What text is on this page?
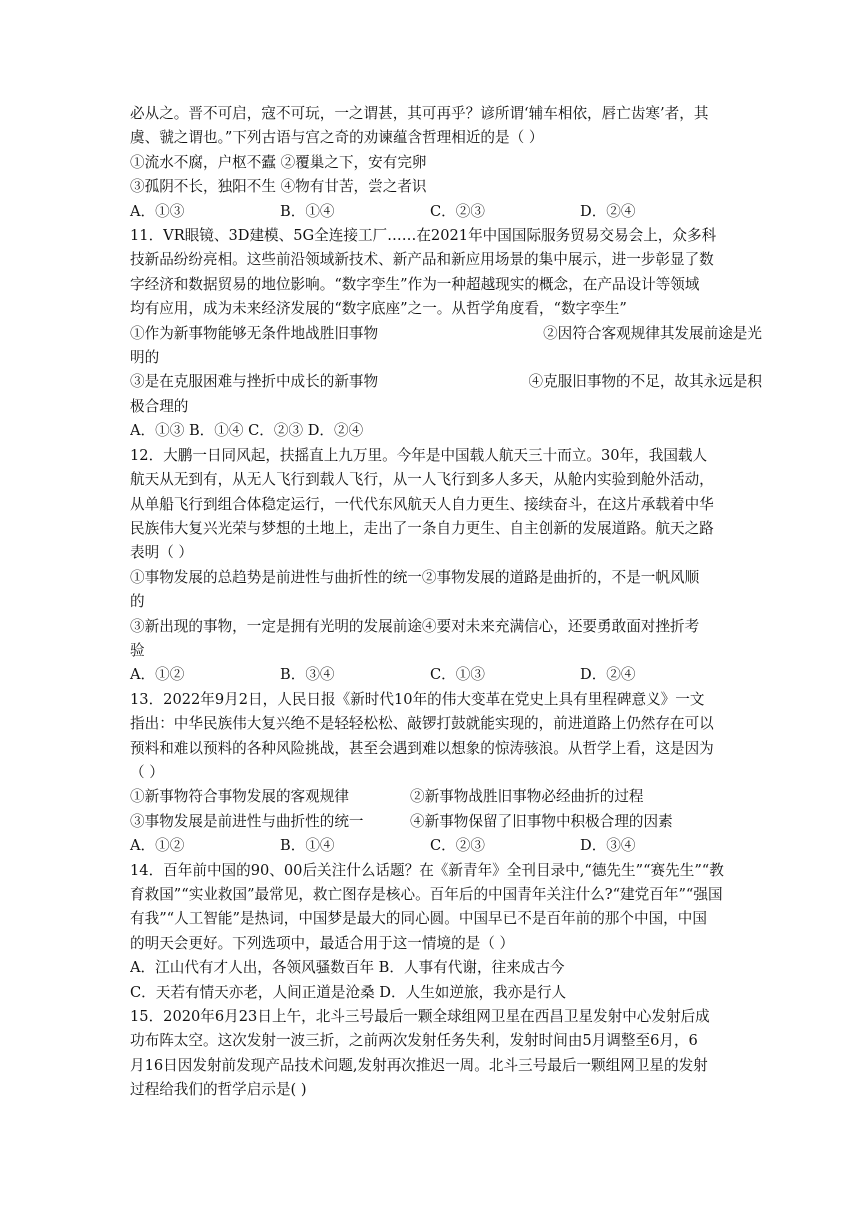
必从之。晋不可启，寇不可玩，一之谓甚，其可再乎？谚所谓‘辅车相依，唇亡齿寒’者，其
虞、虢之谓也。”下列古语与宫之奇的劝谏蕴含哲理相近的是（ ）
①流水不腐，户枢不蠹 ②覆巢之下，安有完卵
③孤阴不长，独阳不生 ④物有甘苦，尝之者识
A．①③	B．①④	C．②③	D．②④
11．VR眼镜、3D建模、5G全连接工厂……在2021年中国国际服务贸易交易会上，众多科
技新品纷纷亮相。这些前沿领域新技术、新产品和新应用场景的集中展示，进一步彰显了数
字经济和数据贸易的地位影响。“数字孪生”作为一种超越现实的概念，在产品设计等领域
均有应用，成为未来经济发展的“数字底座”之一。从哲学角度看，“数字孪生”
①作为新事物能够无条件地战胜旧事物	②因符合客观规律其发展前途是光
明的
③是在克服困难与挫折中成长的新事物	④克服旧事物的不足，故其永远是积
极合理的
A．①③ B．①④ C．②③ D．②④
12．大鹏一日同风起，扶摇直上九万里。今年是中国载人航天三十而立。30年，我国载人
航天从无到有，从无人飞行到载人飞行，从一人飞行到多人多天，从舱内实验到舱外活动，
从单船飞行到组合体稳定运行，一代代东风航天人自力更生、接续奋斗，在这片承载着中华
民族伟大复兴光荣与梦想的土地上，走出了一条自力更生、自主创新的发展道路。航天之路
表明（ ）
①事物发展的总趋势是前进性与曲折性的统一②事物发展的道路是曲折的，不是一帆风顺
的
③新出现的事物，一定是拥有光明的发展前途④要对未来充满信心，还要勇敢面对挫折考
验
A．①②	B．③④	C．①③	D．②④
13．2022年9月2日，人民日报《新时代10年的伟大变革在党史上具有里程碑意义》一文
指出：中华民族伟大复兴绝不是轻轻松松、敲锣打鼓就能实现的，前进道路上仍然存在可以
预料和难以预料的各种风险挑战，甚至会遇到难以想象的惊涛骇浪。从哲学上看，这是因为
（ ）
①新事物符合事物发展的客观规律	②新事物战胜旧事物必经曲折的过程
③事物发展是前进性与曲折性的统一	④新事物保留了旧事物中积极合理的因素
A．①②	B．①④	C．②③	D．③④
14．百年前中国的90、00后关注什么话题？在《新青年》全刊目录中,“德先生”“赛先生”“教
育救国”“实业救国”最常见，救亡图存是核心。百年后的中国青年关注什么?“建党百年”“强国
有我”“人工智能”是热词，中国梦是最大的同心圆。中国早已不是百年前的那个中国，中国
的明天会更好。下列选项中，最适合用于这一情境的是（ ）
A．江山代有才人出，各领风骚数百年 B．人事有代谢，往来成古今
C．天若有情天亦老，人间正道是沧桑 D．人生如逆旅，我亦是行人
15．2020年6月23日上午，北斗三号最后一颗全球组网卫星在西昌卫星发射中心发射后成
功布阵太空。这次发射一波三折，之前两次发射任务失利，发射时间由5月调整至6月，6
月16日因发射前发现产品技术问题,发射再次推迟一周。北斗三号最后一颗组网卫星的发射
过程给我们的哲学启示是( )
